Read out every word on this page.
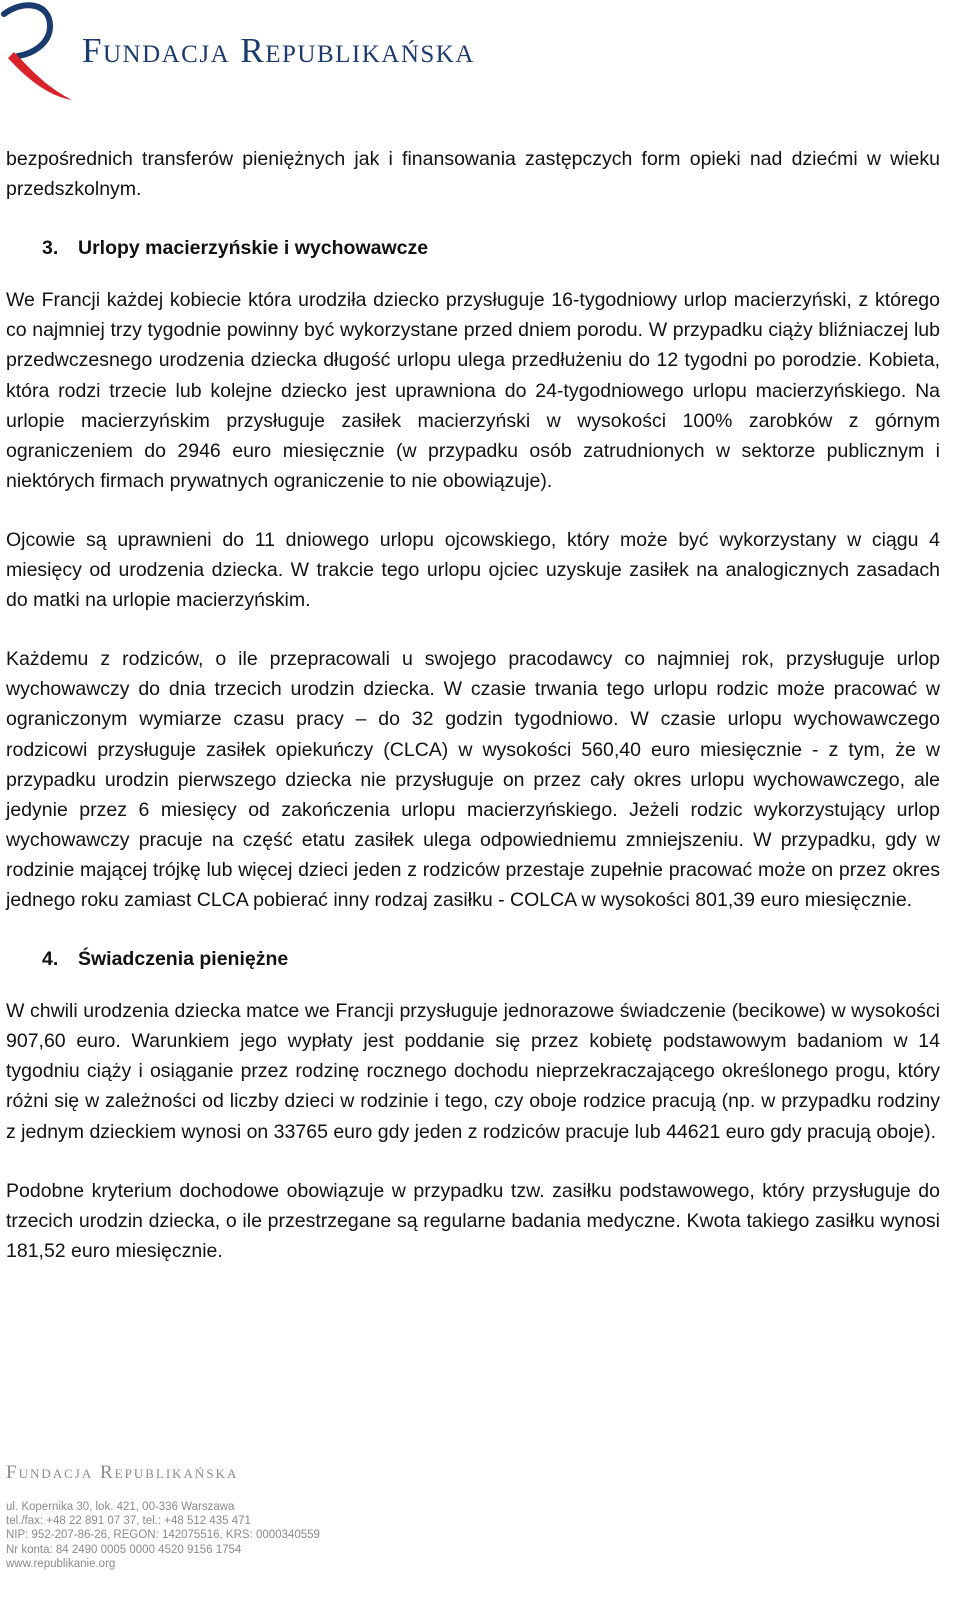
Fundacja Republikańska

bezpośrednich transferów pieniężnych jak i finansowania zastępczych form opieki nad dziećmi w wieku przedszkolnym.

3. Urlopy macierzyńskie i wychowawcze

We Francji każdej kobiecie która urodziła dziecko przysługuje 16-tygodniowy urlop macierzyński, z którego co najmniej trzy tygodnie powinny być wykorzystane przed dniem porodu. W przypadku ciąży bliźniaczej lub przedwczesnego urodzenia dziecka długość urlopu ulega przedłużeniu do 12 tygodni po porodzie. Kobieta, która rodzi trzecie lub kolejne dziecko jest uprawniona do 24-tygodniowego urlopu macierzyńskiego. Na urlopie macierzyńskim przysługuje zasiłek macierzyński w wysokości 100% zarobków z górnym ograniczeniem do 2946 euro miesięcznie (w przypadku osób zatrudnionych w sektorze publicznym i niektórych firmach prywatnych ograniczenie to nie obowiązuje).

Ojcowie są uprawnieni do 11 dniowego urlopu ojcowskiego, który może być wykorzystany w ciągu 4 miesięcy od urodzenia dziecka. W trakcie tego urlopu ojciec uzyskuje zasiłek na analogicznych zasadach do matki na urlopie macierzyńskim.

Każdemu z rodziców, o ile przepracowali u swojego pracodawcy co najmniej rok, przysługuje urlop wychowawczy do dnia trzecich urodzin dziecka. W czasie trwania tego urlopu rodzic może pracować w ograniczonym wymiarze czasu pracy – do 32 godzin tygodniowo. W czasie urlopu wychowawczego rodzicowi przysługuje zasiłek opiekuńczy (CLCA) w wysokości 560,40 euro miesięcznie - z tym, że w przypadku urodzin pierwszego dziecka nie przysługuje on przez cały okres urlopu wychowawczego, ale jedynie przez 6 miesięcy od zakończenia urlopu macierzyńskiego. Jeżeli rodzic wykorzystujący urlop wychowawczy pracuje na część etatu zasiłek ulega odpowiedniemu zmniejszeniu. W przypadku, gdy w rodzinie mającej trójkę lub więcej dzieci jeden z rodziców przestaje zupełnie pracować może on przez okres jednego roku zamiast CLCA pobierać inny rodzaj zasiłku - COLCA w wysokości 801,39 euro miesięcznie.

4. Świadczenia pieniężne

W chwili urodzenia dziecka matce we Francji przysługuje jednorazowe świadczenie (becikowe) w wysokości 907,60 euro. Warunkiem jego wypłaty jest poddanie się przez kobietę podstawowym badaniom w 14 tygodniu ciąży i osiąganie przez rodzinę rocznego dochodu nieprzekraczającego określonego progu, który różni się w zależności od liczby dzieci w rodzinie i tego, czy oboje rodzice pracują (np. w przypadku rodziny z jednym dzieckiem wynosi on 33765 euro gdy jeden z rodziców pracuje lub 44621 euro gdy pracują oboje).

Podobne kryterium dochodowe obowiązuje w przypadku tzw. zasiłku podstawowego, który przysługuje do trzecich urodzin dziecka, o ile przestrzegane są regularne badania medyczne. Kwota takiego zasiłku wynosi 181,52 euro miesięcznie.

Fundacja Republikańska
ul. Kopernika 30, lok. 421, 00-336 Warszawa
tel./fax: +48 22 891 07 37, tel.: +48 512 435 471
NIP: 952-207-86-26, REGON: 142075516, KRS: 0000340559
Nr konta: 84 2490 0005 0000 4520 9156 1754
www.republikanie.org
